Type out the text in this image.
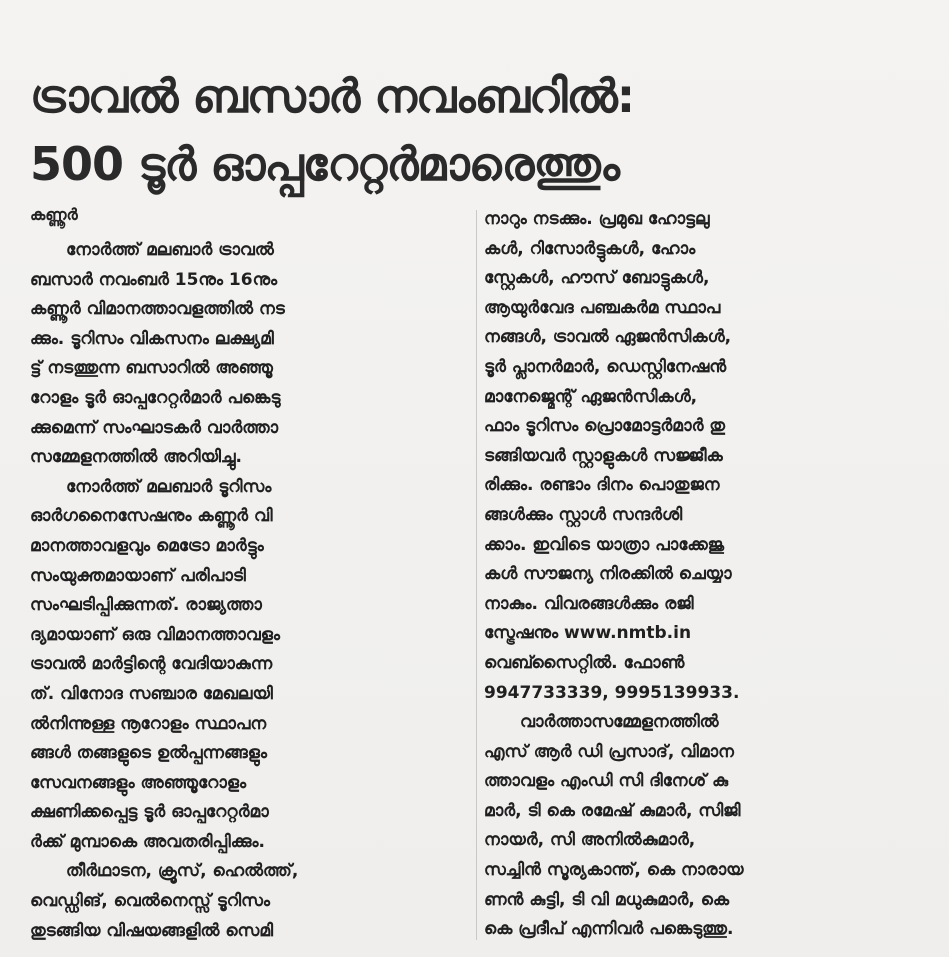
ട്രാവൽ ബസാർ നവംബറിൽ:
500 ടൂർ ഓപ്പറേറ്റർമാരെത്തും
കണ്ണൂർ
നോർത്ത് മലബാർ ട്രാവൽ
ബസാർ നവംബർ 15നും 16നും
കണ്ണൂർ വിമാനത്താവളത്തിൽ നട
ക്കും. ടൂറിസം വികസനം ലക്ഷ്യമി
ട്ട് നടത്തുന്ന ബസാറിൽ അഞ്ഞൂ
റോളം ടൂർ ഓപ്പറേറ്റർമാർ പങ്കെടു
ക്കുമെന്ന് സംഘാടകർ വാർത്താ
സമ്മേളനത്തിൽ അറിയിച്ചു.
നോർത്ത് മലബാർ ടൂറിസം
ഓർഗനൈസേഷനും കണ്ണൂർ വി
മാനത്താവളവും മെട്രോ മാർട്ടും
സംയുക്തമായാണ് പരിപാടി
സംഘടിപ്പിക്കുന്നത്. രാജ്യത്താ
ദ്യമായാണ് ഒരു വിമാനത്താവളം
ട്രാവൽ മാർട്ടിന്റെ വേദിയാകുന്ന
ത്. വിനോദ സഞ്ചാര മേഖലയി
ൽനിന്നുള്ള നൂറോളം സ്ഥാപന
ങ്ങൾ തങ്ങളുടെ ഉൽപ്പന്നങ്ങളും
സേവനങ്ങളും അഞ്ഞൂറോളം
ക്ഷണിക്കപ്പെട്ട ടൂർ ഓപ്പറേറ്റർമാ
ർക്ക് മുമ്പാകെ അവതരിപ്പിക്കും.
തീർഥാടന, ക്രൂസ്, ഹെൽത്ത്,
വെഡ്ഡിങ്, വെൽനെസ്സ് ടൂറിസം
തുടങ്ങിയ വിഷയങ്ങളിൽ സെമി
നാറും നടക്കും. പ്രമുഖ ഹോട്ടലു
കൾ, റിസോർട്ടുകൾ, ഹോം
സ്റ്റേകൾ, ഹൗസ് ബോട്ടുകൾ,
ആയുർവേദ പഞ്ചകർമ സ്ഥാപ
നങ്ങൾ, ട്രാവൽ ഏജൻസികൾ,
ടൂർ പ്ലാനർമാർ, ഡെസ്റ്റിനേഷൻ
മാനേജ്മെന്റ് ഏജൻസികൾ,
ഫാം ടൂറിസം പ്രൊമോട്ടർമാർ തു
ടങ്ങിയവർ സ്റ്റാളുകൾ സജ്ജീക
രിക്കും. രണ്ടാം ദിനം പൊതുജന
ങ്ങൾക്കും സ്റ്റാൾ സന്ദർശി
ക്കാം. ഇവിടെ യാത്രാ പാക്കേജു
കൾ സൗജന്യ നിരക്കിൽ ചെയ്യാ
നാകും. വിവരങ്ങൾക്കും രജി
സ്ട്രേഷനും www.nmtb.in
വെബ്സൈറ്റിൽ. ഫോൺ
9947733339, 9995139933.
വാർത്താസമ്മേളനത്തിൽ
എസ് ആർ ഡി പ്രസാദ്, വിമാന
ത്താവളം എംഡി സി ദിനേശ് കു
മാർ, ടി കെ രമേഷ് കുമാർ, സിജി
നായർ, സി അനിൽകുമാർ,
സച്ചിൻ സൂര്യകാന്ത്, കെ നാരായ
ണൻ കുട്ടി, ടി വി മധുകുമാർ, കെ
കെ പ്രദീപ് എന്നിവർ പങ്കെടുത്തു.
